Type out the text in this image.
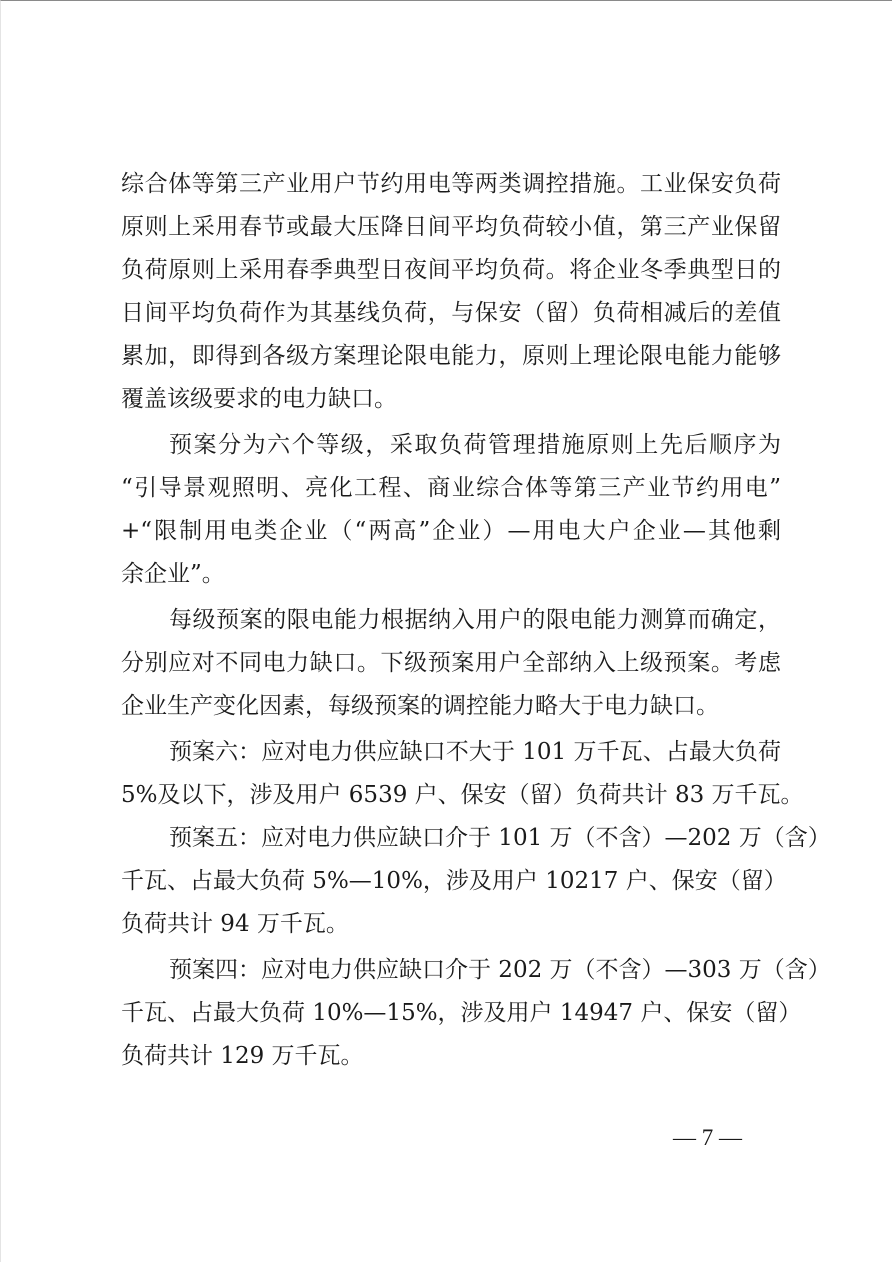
综合体等第三产业用户节约用电等两类调控措施。工业保安负荷
原则上采用春节或最大压降日间平均负荷较小值，第三产业保留
负荷原则上采用春季典型日夜间平均负荷。将企业冬季典型日的
日间平均负荷作为其基线负荷，与保安（留）负荷相减后的差值
累加，即得到各级方案理论限电能力，原则上理论限电能力能够
覆盖该级要求的电力缺口。
预案分为六个等级，采取负荷管理措施原则上先后顺序为
“引导景观照明、亮化工程、商业综合体等第三产业节约用电”
+“限制用电类企业（“两高”企业）—用电大户企业—其他剩
余企业”。
每级预案的限电能力根据纳入用户的限电能力测算而确定，
分别应对不同电力缺口。下级预案用户全部纳入上级预案。考虑
企业生产变化因素，每级预案的调控能力略大于电力缺口。
预案六：应对电力供应缺口不大于 101 万千瓦、占最大负荷
5%及以下，涉及用户 6539 户、保安（留）负荷共计 83 万千瓦。
预案五：应对电力供应缺口介于 101 万（不含）—202 万（含）
千瓦、占最大负荷 5%—10%，涉及用户 10217 户、保安（留）
负荷共计 94 万千瓦。
预案四：应对电力供应缺口介于 202 万（不含）—303 万（含）
千瓦、占最大负荷 10%—15%，涉及用户 14947 户、保安（留）
负荷共计 129 万千瓦。
— 7 —
